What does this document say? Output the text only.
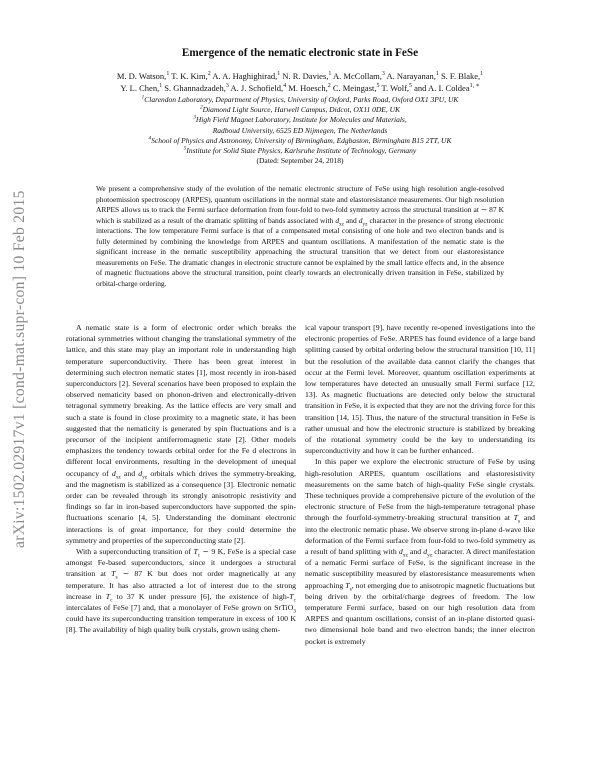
arXiv:1502.02917v1 [cond-mat.supr-con] 10 Feb 2015
Emergence of the nematic electronic state in FeSe
M. D. Watson,$^1$ T. K. Kim,$^2$ A. A. Haghighirad,$^1$ N. R. Davies,$^1$ A. McCollam,$^3$ A. Narayanan,$^1$ S. F. Blake,$^1$
Y. L. Chen,$^1$ S. Ghannadzadeh,$^3$ A. J. Schofield,$^4$ M. Hoesch,$^2$ C. Meingast,$^5$ T. Wolf,$^5$ and A. I. Coldea$^{1, ∗}$
$^1$Clarendon Laboratory, Department of Physics, University of Oxford, Parks Road, Oxford OX1 3PU, UK
$^2$Diamond Light Source, Harwell Campus, Didcot, OX11 0DE, UK
$^3$High Field Magnet Laboratory, Institute for Molecules and Materials,
Radboud University, 6525 ED Nijmegen, The Netherlands
$^4$School of Physics and Astronomy, University of Birmingham, Edgbaston, Birmingham B15 2TT, UK
$^5$Institute for Solid State Physics, Karlsruhe Institute of Technology, Germany
(Dated: September 24, 2018)

We present a comprehensive study of the evolution of the nematic electronic structure of FeSe using high resolution angle-resolved photoemission spectroscopy (ARPES), quantum oscillations in the normal state and elastoresistance measurements. Our high resolution ARPES allows us to track the Fermi surface deformation from four-fold to two-fold symmetry across the structural transition at ∼ 87 K which is stabilized as a result of the dramatic splitting of bands associated with $d_{xz}$ and $d_{yz}$ character in the presence of strong electronic interactions. The low temperature Fermi surface is that of a compensated metal consisting of one hole and two electron bands and is fully determined by combining the knowledge from ARPES and quantum oscillations. A manifestation of the nematic state is the significant increase in the nematic susceptibility approaching the structural transition that we detect from our elastoresistance measurements on FeSe. The dramatic changes in electronic structure cannot be explained by the small lattice effects and, in the absence of magnetic fluctuations above the structural transition, point clearly towards an electronically driven transition in FeSe, stabilized by orbital-charge ordering.

A nematic state is a form of electronic order which breaks the rotational symmetries without changing the translational symmetry of the lattice, and this state may play an important role in understanding high temperature superconductivity. There has been great interest in determining such electron nematic states [1], most recently in iron-based superconductors [2]. Several scenarios have been proposed to explain the observed nematicity based on phonon-driven and electronically-driven tetragonal symmetry breaking. As the lattice effects are very small and such a state is found in close proximity to a magnetic state, it has been suggested that the nematicity is generated by spin fluctuations and is a precursor of the incipient antiferromagnetic state [2]. Other models emphasizes the tendency towards orbital order for the Fe d electrons in different local environments, resulting in the development of unequal occupancy of $d_{xz}$ and $d_{yz}$ orbitals which drives the symmetry-breaking, and the magnetism is stabilized as a consequence [3]. Electronic nematic order can be revealed through its strongly anisotropic resistivity and findings so far in iron-based superconductors have supported the spin-fluctuations scenario [4, 5]. Understanding the dominant electronic interactions is of great importance, for they could determine the symmetry and properties of the superconducting state [2].

With a superconducting transition of $T_c$ ∼ 9 K, FeSe is a special case amongst Fe-based superconductors, since it undergoes a structural transition at $T_s$ ∼ 87 K but does not order magnetically at any temperature. It has also attracted a lot of interest due to the strong increase in $T_c$ to 37 K under pressure [6], the existence of high-$T_c$ intercalates of FeSe [7] and, that a monolayer of FeSe grown on SrTiO$_3$ could have its superconducting transition temperature in excess of 100 K [8]. The availability of high quality bulk crystals, grown using chem-

ical vapour transport [9], have recently re-opened investigations into the electronic properties of FeSe. ARPES has found evidence of a large band splitting caused by orbital ordering below the structural transition [10, 11] but the resolution of the available data cannot clarify the changes that occur at the Fermi level. Moreover, quantum oscillation experiments at low temperatures have detected an unusually small Fermi surface [12, 13]. As magnetic fluctuations are detected only below the structural transition in FeSe, it is expected that they are not the driving force for this transition [14, 15]. Thus, the nature of the structural transition in FeSe is rather unusual and how the electronic structure is stabilized by breaking of the rotational symmetry could be the key to understanding its superconductivity and how it can be further enhanced.

In this paper we explore the electronic structure of FeSe by using high-resolution ARPES, quantum oscillations and elastoresistivity measurements on the same batch of high-quality FeSe single crystals. These techniques provide a comprehensive picture of the evolution of the electronic structure of FeSe from the high-temperature tetragonal phase through the fourfold-symmetry-breaking structural transition at $T_s$ and into the electronic nematic phase. We observe strong in-plane d-wave like deformation of the Fermi surface from four-fold to two-fold symmetry as a result of band splitting with $d_{xz}$ and $d_{yz}$ character. A direct manifestation of a nematic Fermi surface of FeSe, is the significant increase in the nematic susceptibility measured by elastoresistance measurements when approaching $T_s$, not emerging due to anisotropic magnetic fluctuations but being driven by the orbital/charge degrees of freedom. The low temperature Fermi surface, based on our high resolution data from ARPES and quantum oscillations, consist of an in-plane distorted quasi-two dimensional hole band and two electron bands; the inner electron pocket is extremely
